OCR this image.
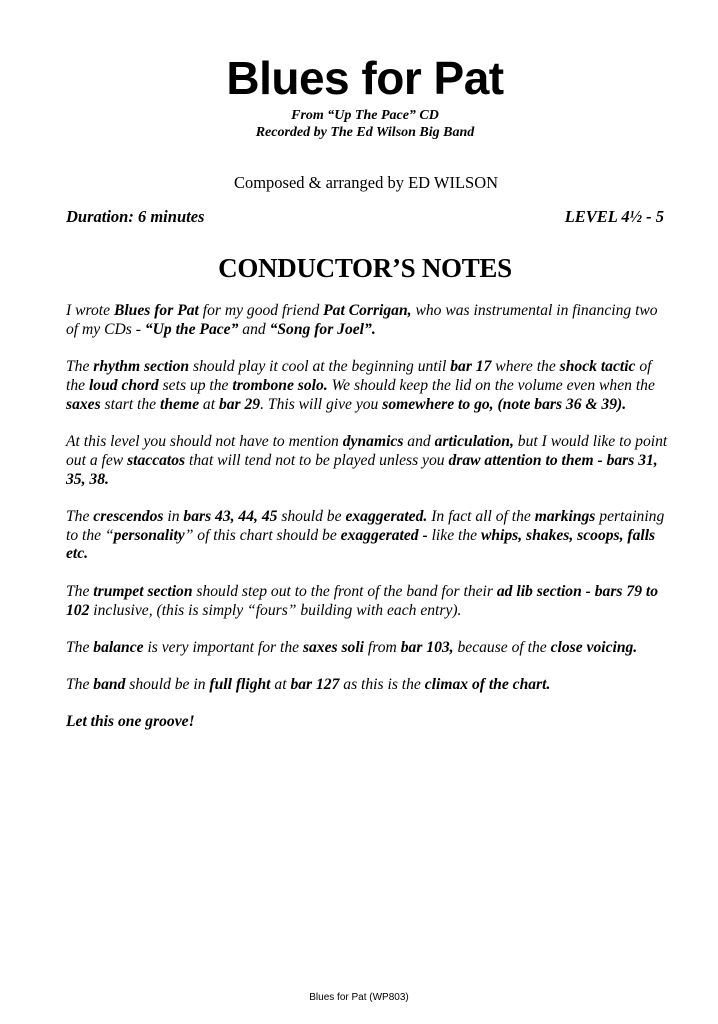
Blues for Pat
From “Up The Pace” CD
Recorded by The Ed Wilson Big Band
Composed & arranged by ED WILSON
Duration: 6 minutes	LEVEL 4½ - 5
CONDUCTOR’S NOTES

I wrote Blues for Pat for my good friend Pat Corrigan, who was instrumental in financing two of my CDs - “Up the Pace” and “Song for Joel”.

The rhythm section should play it cool at the beginning until bar 17 where the shock tactic of the loud chord sets up the trombone solo. We should keep the lid on the volume even when the saxes start the theme at bar 29. This will give you somewhere to go, (note bars 36 & 39).

At this level you should not have to mention dynamics and articulation, but I would like to point out a few staccatos that will tend not to be played unless you draw attention to them - bars 31, 35, 38.

The crescendos in bars 43, 44, 45 should be exaggerated. In fact all of the markings pertaining to the “personality” of this chart should be exaggerated - like the whips, shakes, scoops, falls etc.

The trumpet section should step out to the front of the band for their ad lib section - bars 79 to 102 inclusive, (this is simply “fours” building with each entry).

The balance is very important for the saxes soli from bar 103, because of the close voicing.

The band should be in full flight at bar 127 as this is the climax of the chart.

Let this one groove!

Blues for Pat (WP803)
